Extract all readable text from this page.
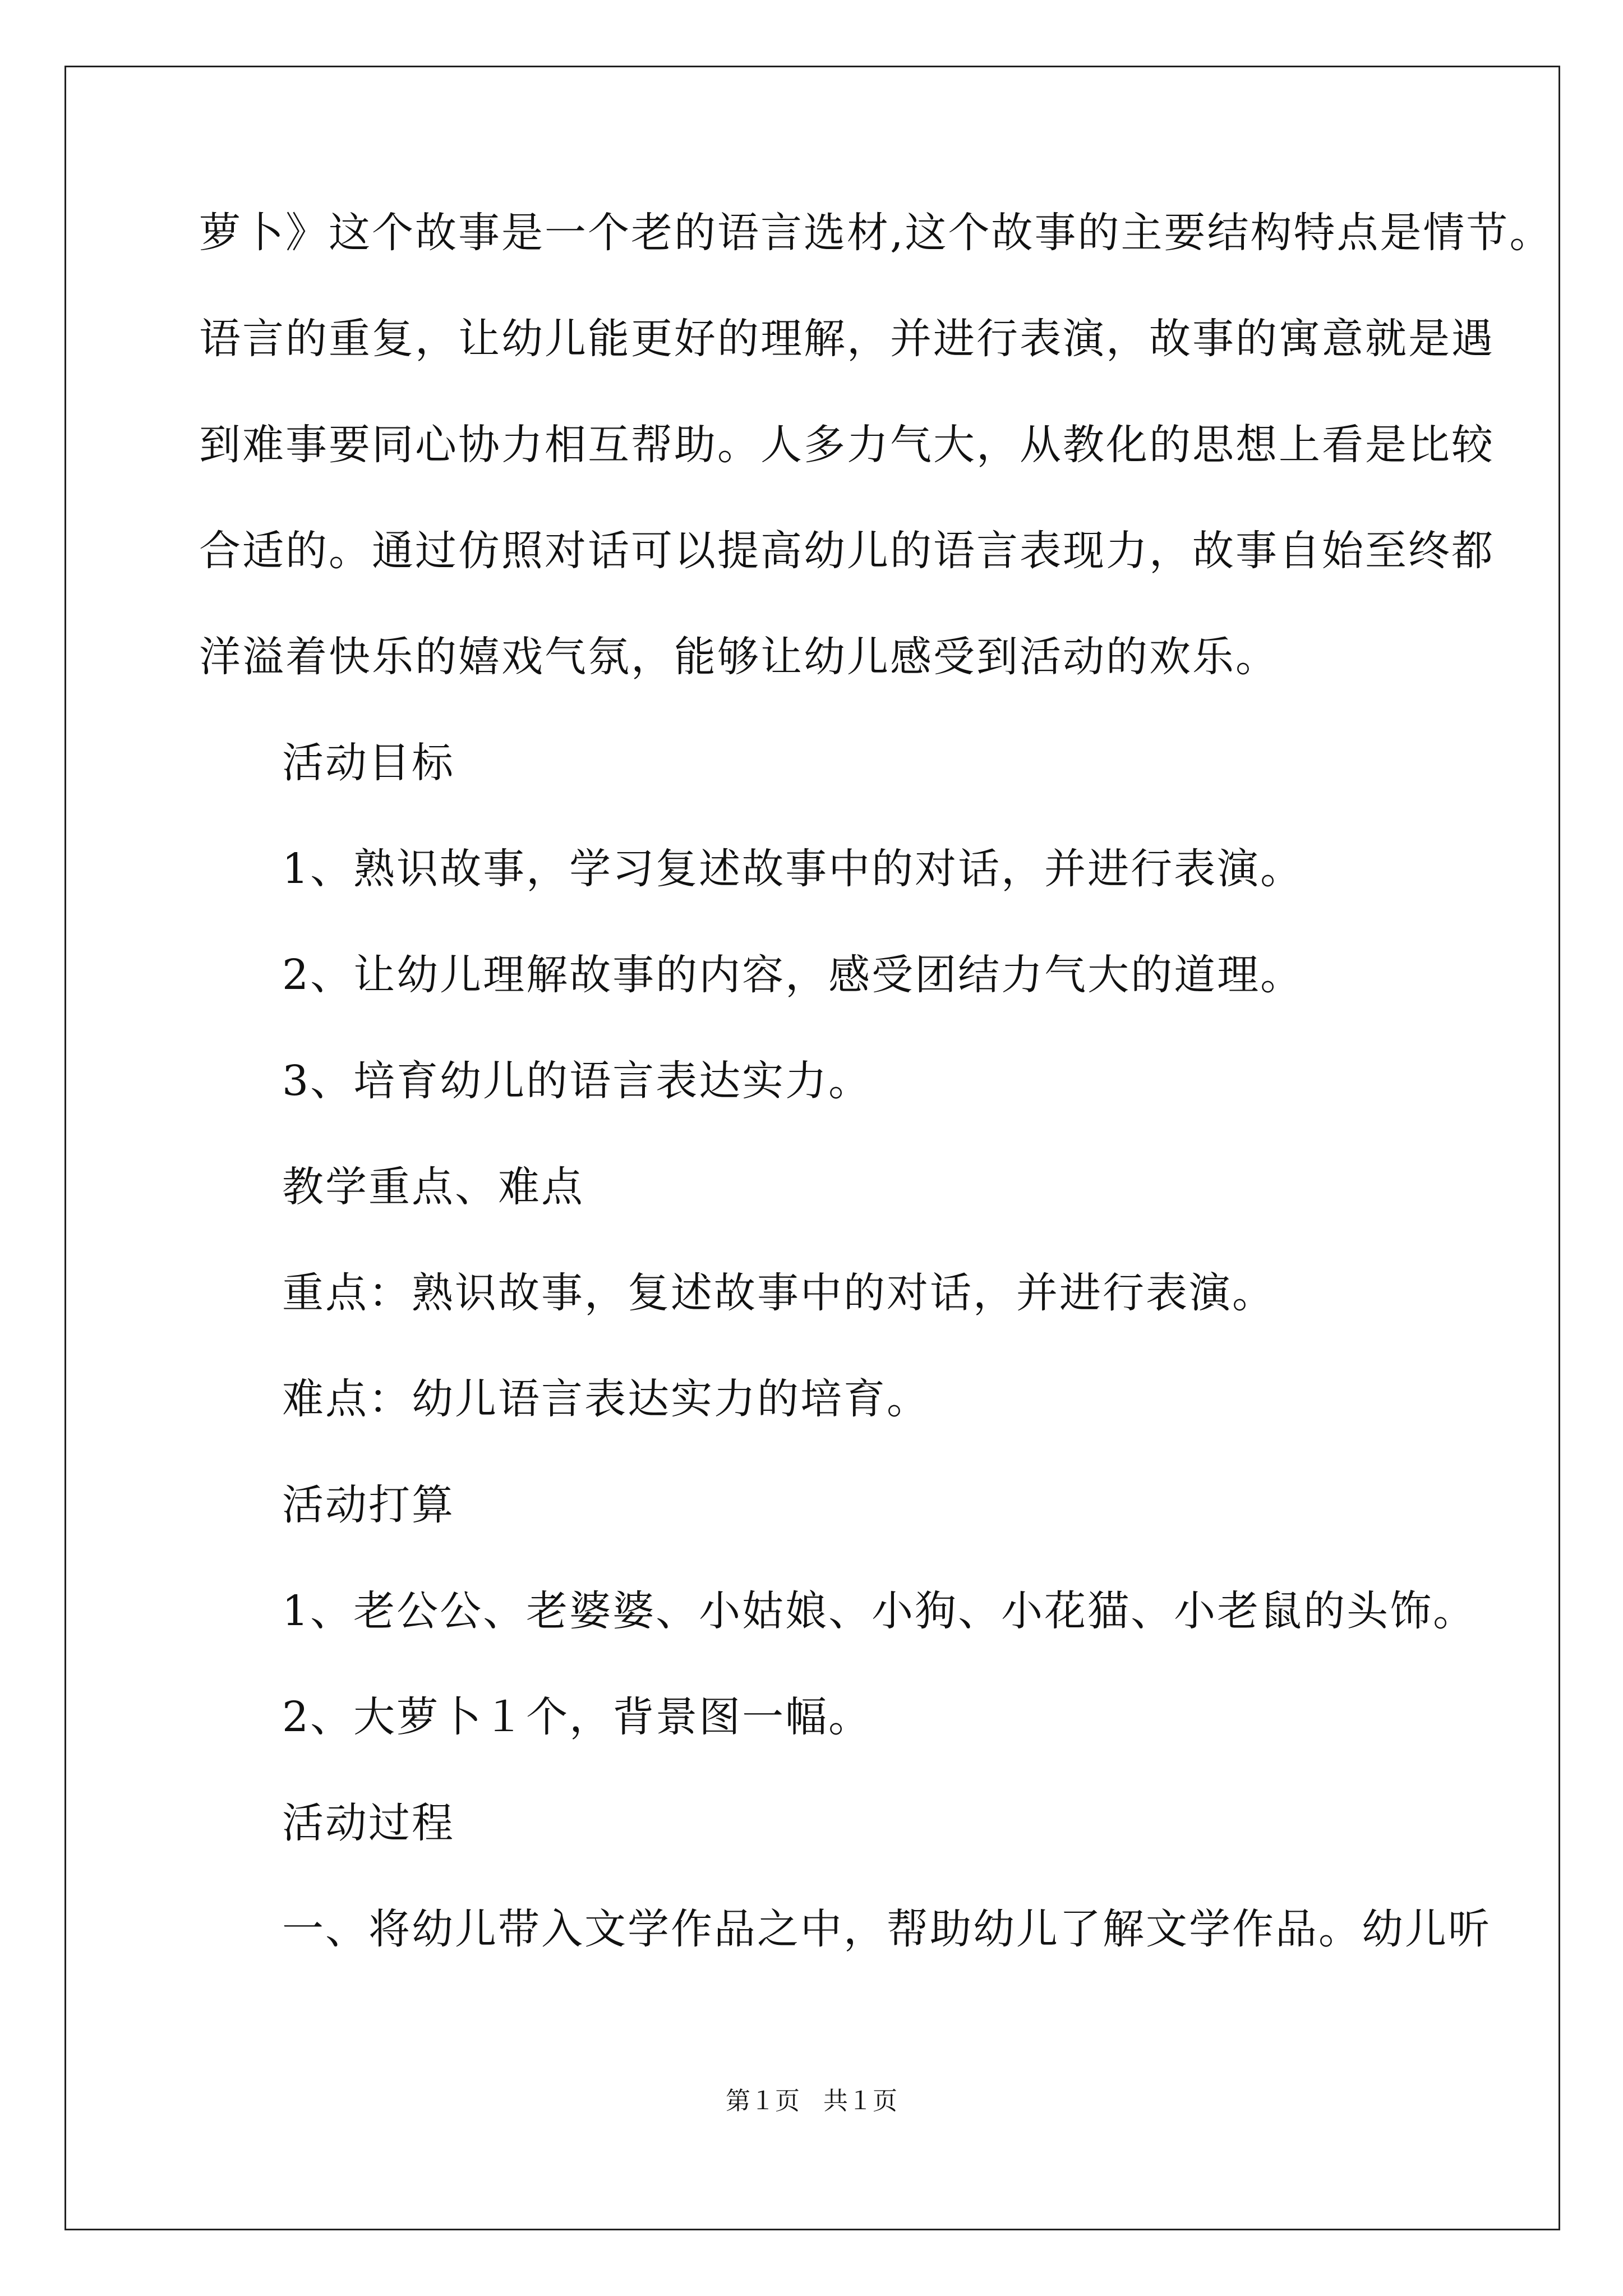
萝卜》这个故事是一个老的语言选材,这个故事的主要结构特点是情节。
语言的重复，让幼儿能更好的理解，并进行表演，故事的寓意就是遇
到难事要同心协力相互帮助。人多力气大，从教化的思想上看是比较
合适的。通过仿照对话可以提高幼儿的语言表现力，故事自始至终都
洋溢着快乐的嬉戏气氛，能够让幼儿感受到活动的欢乐。
活动目标
1、熟识故事，学习复述故事中的对话，并进行表演。
2、让幼儿理解故事的内容，感受团结力气大的道理。
3、培育幼儿的语言表达实力。
教学重点、难点
重点：熟识故事，复述故事中的对话，并进行表演。
难点：幼儿语言表达实力的培育。
活动打算
1、老公公、老婆婆、小姑娘、小狗、小花猫、小老鼠的头饰。
2、大萝卜１个，背景图一幅。
活动过程
一、将幼儿带入文学作品之中，帮助幼儿了解文学作品。幼儿听
第１页 共１页
